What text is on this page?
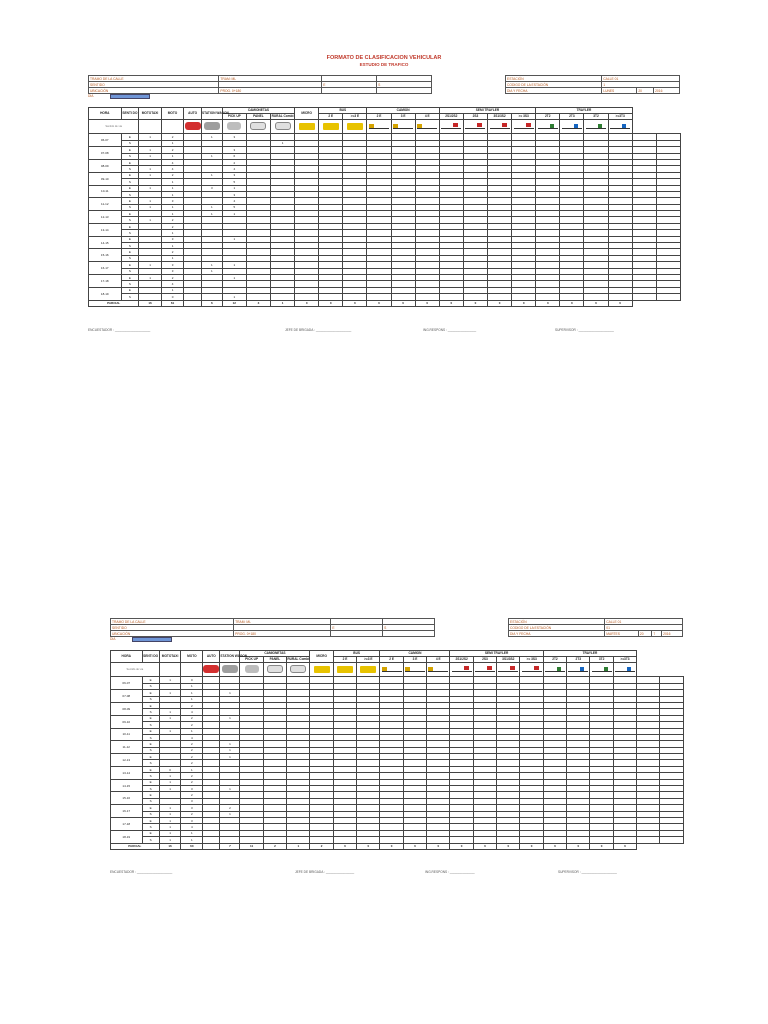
FORMATO DE CLASIFICACION VEHICULAR
ESTUDIO DE TRAFICO
TRAMO DE LA CALLE	TRAM: ML		
SENTIDO		E	S
UBICACIÓN	PROG. 0+180		
DIA
ESTACIÓN	CALLE 01		
CODIGO DE LA ESTACIÓN	1		
DIA Y FECHA	LUNES	20	2016
HORA	SENTI DO	MOTOTAXI	MOTO	AUTO	STATION WAGON	CAMIONETAS			MICRO	BUS		CAMION			SEMI TRAYLER				TRAYLER					
						PICK UP	PANEL	RURAL Combi		2 E	>=3 E	2 E	3 E	4 E	2S1/2S2	2S3	3S1/3S2	>= 3S3	2T2	2T3	3T2	>=3T3		
Sentido de vía																								
06-07	E	1	2		1	3																		
	S		1					1																
07-08	E	1	2			3																		
	S	1	1		1	6																		
08-09	E		4			2																		
	S	1	4			4																		
09-10	E	1	2		1	3																		
	S		1			5																		
10-11	E	1	1		3	1																		
	S		1			3																		
11-12	E	1	3			4																		
	S	1	1		1	5																		
12-13	E		1		1	1																		
	S	1	2																					
13-14	E		2																					
	S		1																					
14-15	E		3			1																		
	S		1																					
15-16	E		2																					
	S		1																					
16-17	E	1	3		1	1																		
	S		3		1																			
17-18	E	1	2			1																		
	S		4																					
18-19	E		1																					
	S		0			1																		
PARCIAL		16	61		6	12	3	1	0	0	0	0	0	0	0	0	0	0	0	0	0	0		
TRAMO DE LA CALLE	TRAM: ML		
SENTIDO		E	S
UBICACIÓN	PROG. 0+180		
DIA
ESTACIÓN	CALLE 01			
CODIGO DE LA ESTACIÓN	01			
DIA Y FECHA	MARTES	20	7	2016
HORA	SENTI DO	MOTOTAXI	MOTO	AUTO	STATION WAGON	CAMIONETAS			MICRO	BUS		CAMION			SEMI TRAYLER				TRAYLER					
						PICK UP	PANEL	RURAL Combi		2 E	>=3 E	2 E	3 E	4 E	2S1/2S2	2S3	3S1/3S2	>= 3S3	2T2	2T3	3T2	>=3T3		
Sentido de vía																								
06-07	E	1	0																					
	S		1																					
07-08	E	1	1		1																			
	S		1																					
08-09	E		2																					
	S	1	4																					
09-10	E	1	2		1																			
	S		2																					
10-11	E	1	1																					
	S		4																					
11-12	E		2		1																			
	S		2		1																			
12-13	E		2		1																			
	S		2																					
13-14	E	0	1																					
	S	1	2																					
14-15	E	1	2																					
	S	1	3		1																			
15-16	E		2																					
	S		3																					
16-17	E	1	3		2																			
	S	1	2		1																			
17-18	E	1	3																					
	S	1	4																					
18-19	E	1	1																					
	S	1	1																					
PARCIAL		16	60		7	11	2	1	2	0	0	0	0	0	0	0	0	0	0	0	0	0		
ENCUESTADOR : ____________________	JEFE DE BRIGADA : ____________________	ING.RESPONS : ________________	SUPERVISOR : ____________________
ENCUESTADOR : ____________________	JEFE DE BRIGADA : ________________	ING.RESPONS : ______________	SUPERVISOR : ____________________
